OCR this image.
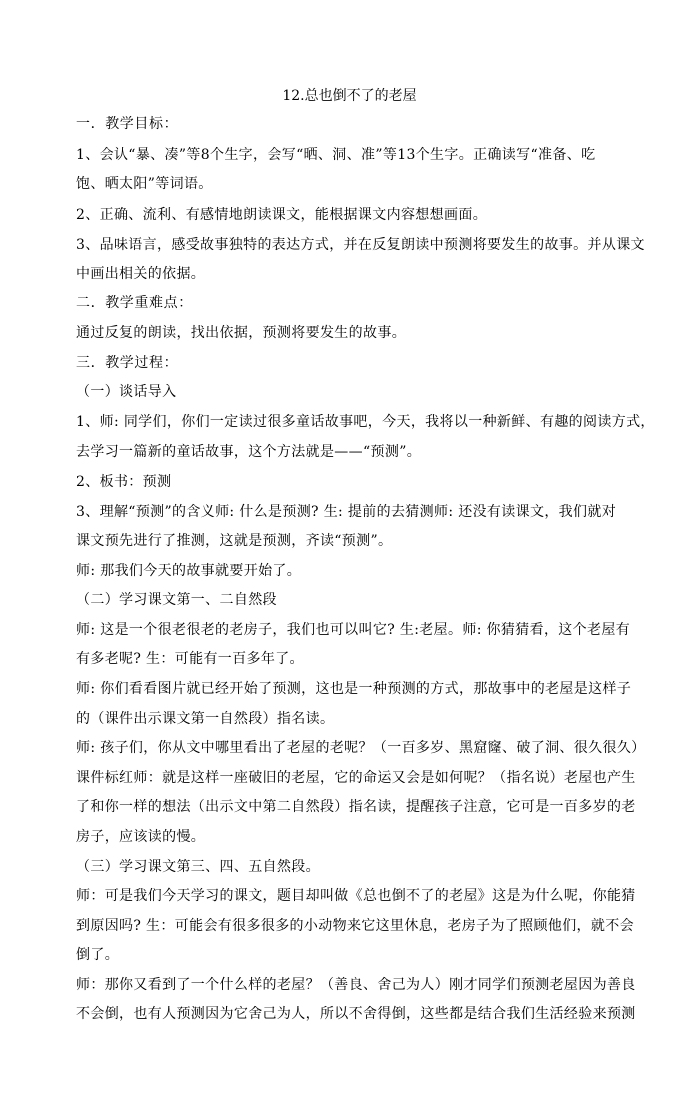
12.总也倒不了的老屋
一．教学目标：
1、会认“暴、凑”等8个生字，会写“晒、洞、准”等13个生字。正确读写“准备、吃
饱、晒太阳”等词语。
2、正确、流利、有感情地朗读课文，能根据课文内容想想画面。
3、品味语言，感受故事独特的表达方式，并在反复朗读中预测将要发生的故事。并从课文
中画出相关的依据。
二．教学重难点：
通过反复的朗读，找出依据，预测将要发生的故事。
三．教学过程：
（一）谈话导入
1、师: 同学们，你们一定读过很多童话故事吧，今天，我将以一种新鲜、有趣的阅读方式，
去学习一篇新的童话故事，这个方法就是——“预测”。
2、板书：预测
3、理解“预测”的含义师: 什么是预测? 生: 提前的去猜测师: 还没有读课文，我们就对
课文预先进行了推测，这就是预测，齐读“预测”。
师: 那我们今天的故事就要开始了。
（二）学习课文第一、二自然段
师: 这是一个很老很老的老房子，我们也可以叫它? 生:老屋。师: 你猜猜看，这个老屋有
有多老呢? 生：可能有一百多年了。
师: 你们看看图片就已经开始了预测，这也是一种预测的方式，那故事中的老屋是这样子
的（课件出示课文第一自然段）指名读。
师: 孩子们，你从文中哪里看出了老屋的老呢？（一百多岁、黑窟窿、破了洞、很久很久）
课件标红师：就是这样一座破旧的老屋，它的命运又会是如何呢？（指名说）老屋也产生
了和你一样的想法（出示文中第二自然段）指名读，提醒孩子注意，它可是一百多岁的老
房子，应该读的慢。
（三）学习课文第三、四、五自然段。
师：可是我们今天学习的课文，题目却叫做《总也倒不了的老屋》这是为什么呢，你能猜
到原因吗? 生：可能会有很多很多的小动物来它这里休息，老房子为了照顾他们，就不会
倒了。
师：那你又看到了一个什么样的老屋？（善良、舍己为人）刚才同学们预测老屋因为善良
不会倒，也有人预测因为它舍己为人，所以不舍得倒，这些都是结合我们生活经验来预测
